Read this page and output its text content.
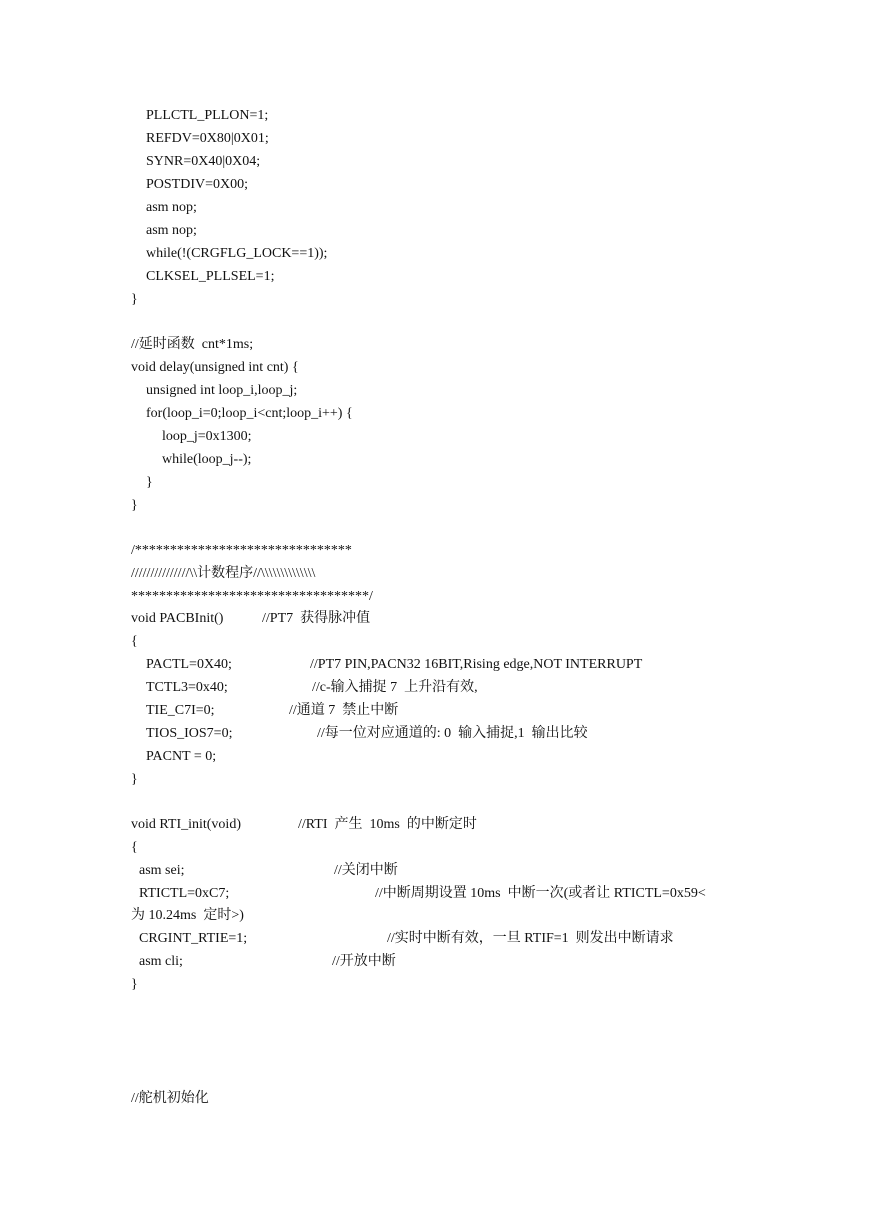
PLLCTL_PLLON=1;
REFDV=0X80|0X01;
SYNR=0X40|0X04;
POSTDIV=0X00;
asm nop;
asm nop;
while(!(CRGFLG_LOCK==1));
CLKSEL_PLLSEL=1;
}
//延时函数  cnt*1ms;
void delay(unsigned int cnt) {
unsigned int loop_i,loop_j;
for(loop_i=0;loop_i<cnt;loop_i++) {
loop_j=0x1300;
while(loop_j--);
}
}
/*******************************
///////////////\\计数程序//\\\\\\\\\\\\\\
**********************************/

void PACBInit()

	//PT7  获得脉冲值

{

PACTL=0X40;

	//PT7 PIN,PACN32 16BIT,Rising edge,NOT INTERRUPT

TCTL3=0x40;

	//c-输入捕捉 7  上升沿有效,

TIE_C7I=0;

	//通道 7  禁止中断

TIOS_IOS7=0;

	//每一位对应通道的: 0  输入捕捉,1  输出比较

PACNT = 0;
}

void RTI_init(void)

	//RTI  产生  10ms  的中断定时

{

asm sei;

	//关闭中断

RTICTL=0xC7;

	//中断周期设置 10ms  中断一次(或者让 RTICTL=0x59<

为 10.24ms  定时>)

CRGINT_RTIE=1;

	//实时中断有效，一旦 RTIF=1  则发出中断请求

asm cli;

	//开放中断

}
//舵机初始化
